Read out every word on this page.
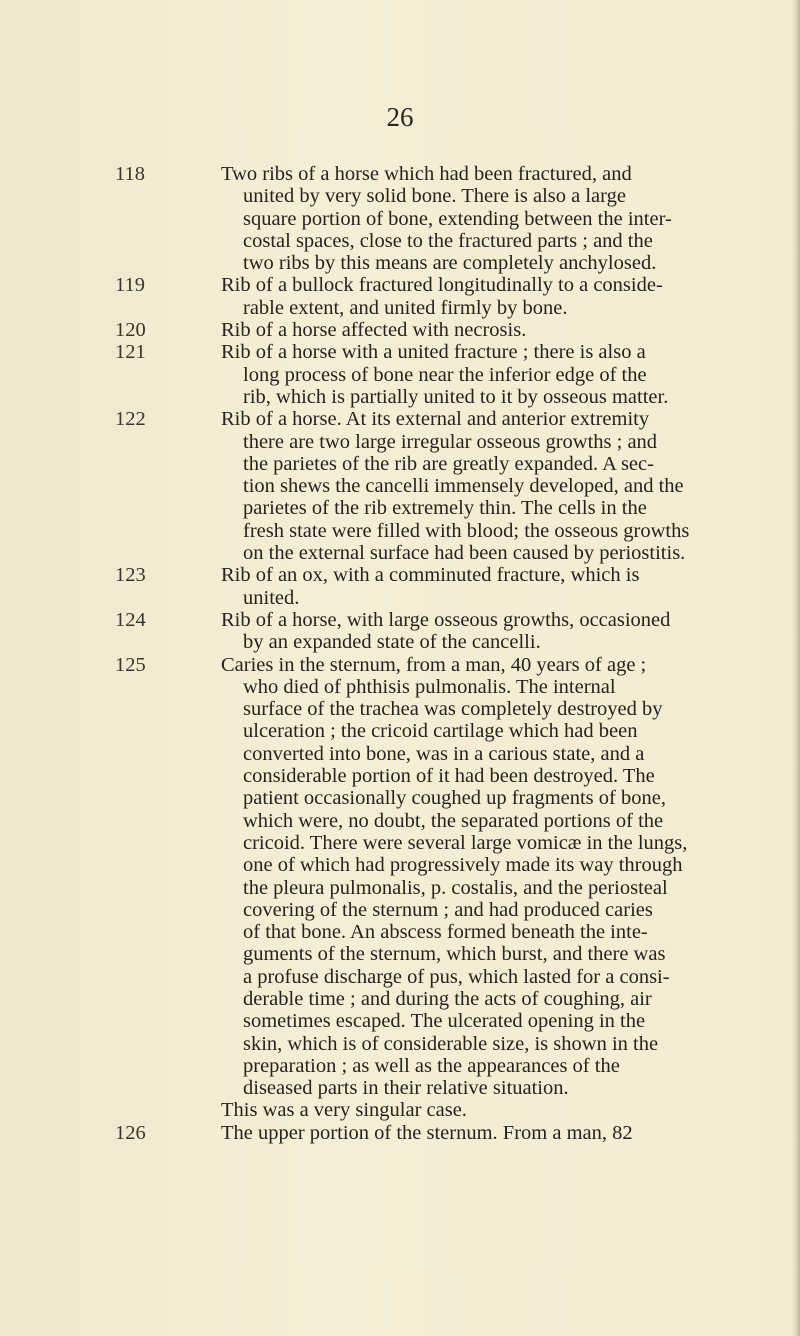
26
118	Two ribs of a horse which had been fractured, and
united by very solid bone. There is also a large
square portion of bone, extending between the inter-
costal spaces, close to the fractured parts ; and the
two ribs by this means are completely anchylosed.
119	Rib of a bullock fractured longitudinally to a conside-
rable extent, and united firmly by bone.
120	Rib of a horse affected with necrosis.
121	Rib of a horse with a united fracture ; there is also a
long process of bone near the inferior edge of the
rib, which is partially united to it by osseous matter.
122	Rib of a horse. At its external and anterior extremity
there are two large irregular osseous growths ; and
the parietes of the rib are greatly expanded. A sec-
tion shews the cancelli immensely developed, and the
parietes of the rib extremely thin. The cells in the
fresh state were filled with blood; the osseous growths
on the external surface had been caused by periostitis.
123	Rib of an ox, with a comminuted fracture, which is
united.
124	Rib of a horse, with large osseous growths, occasioned
by an expanded state of the cancelli.
125	Caries in the sternum, from a man, 40 years of age ;
who died of phthisis pulmonalis. The internal
surface of the trachea was completely destroyed by
ulceration ; the cricoid cartilage which had been
converted into bone, was in a carious state, and a
considerable portion of it had been destroyed. The
patient occasionally coughed up fragments of bone,
which were, no doubt, the separated portions of the
cricoid. There were several large vomicæ in the lungs,
one of which had progressively made its way through
the pleura pulmonalis, p. costalis, and the periosteal
covering of the sternum ; and had produced caries
of that bone. An abscess formed beneath the inte-
guments of the sternum, which burst, and there was
a profuse discharge of pus, which lasted for a consi-
derable time ; and during the acts of coughing, air
sometimes escaped. The ulcerated opening in the
skin, which is of considerable size, is shown in the
preparation ; as well as the appearances of the
diseased parts in their relative situation.
This was a very singular case.
126	The upper portion of the sternum. From a man, 82
